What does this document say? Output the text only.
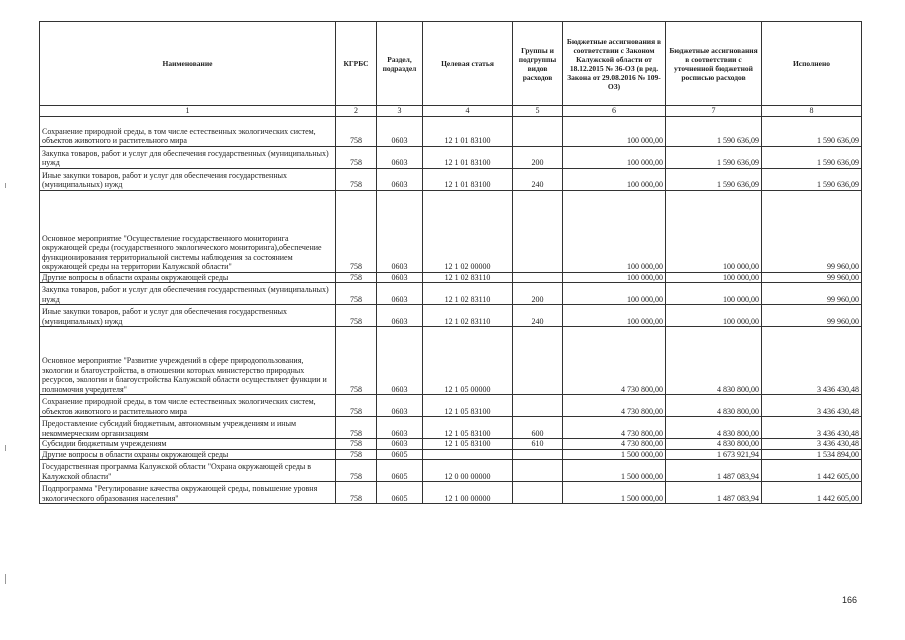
Наименование	КГРБС	Раздел, подраздел	Целевая статья	Группы и подгруппы видов расходов	Бюджетные ассигнования в соответствии с Законом Калужской области от 18.12.2015 № 36-ОЗ (в ред. Закона от 29.08.2016 № 109-ОЗ)	Бюджетные ассигнования в соответствии с уточненной бюджетной росписью расходов	Исполнено
1	2	3	4	5	6	7	8
Сохранение природной среды, в том числе естественных экологических систем, объектов животного и растительного мира	758	0603	12 1 01 83100		100 000,00	1 590 636,09	1 590 636,09
Закупка товаров, работ и услуг для обеспечения государственных (муниципальных) нужд	758	0603	12 1 01 83100	200	100 000,00	1 590 636,09	1 590 636,09
Иные закупки товаров, работ и услуг для обеспечения государственных (муниципальных) нужд	758	0603	12 1 01 83100	240	100 000,00	1 590 636,09	1 590 636,09
Основное мероприятие "Осуществление государственного мониторинга окружающей среды (государственного экологического мониторинга),обеспечение функционирования территориальной системы наблюдения за состоянием окружающей среды на территории Калужской области"	758	0603	12 1 02 00000		100 000,00	100 000,00	99 960,00
Другие вопросы в области охраны окружающей среды	758	0603	12 1 02 83110		100 000,00	100 000,00	99 960,00
Закупка товаров, работ и услуг для обеспечения государственных (муниципальных) нужд	758	0603	12 1 02 83110	200	100 000,00	100 000,00	99 960,00
Иные закупки товаров, работ и услуг для обеспечения государственных (муниципальных) нужд	758	0603	12 1 02 83110	240	100 000,00	100 000,00	99 960,00
Основное мероприятие "Развитие учреждений в сфере природопользования, экологии и благоустройства, в отношении которых министерство природных ресурсов, экологии и благоустройства Калужской области осуществляет функции и полномочия учредителя"	758	0603	12 1 05 00000		4 730 800,00	4 830 800,00	3 436 430,48
Сохранение природной среды, в том числе естественных экологических систем, объектов животного и растительного мира	758	0603	12 1 05 83100		4 730 800,00	4 830 800,00	3 436 430,48
Предоставление субсидий бюджетным, автономным учреждениям и иным некоммерческим организациям	758	0603	12 1 05 83100	600	4 730 800,00	4 830 800,00	3 436 430,48
Субсидии бюджетным учреждениям	758	0603	12 1 05 83100	610	4 730 800,00	4 830 800,00	3 436 430,48
Другие вопросы в области охраны окружающей среды	758	0605			1 500 000,00	1 673 921,94	1 534 894,00
Государственная программа Калужской области "Охрана окружающей среды в Калужской области"	758	0605	12 0 00 00000		1 500 000,00	1 487 083,94	1 442 605,00
Подпрограмма "Регулирование качества окружающей среды, повышение уровня экологического образования населения"	758	0605	12 1 00 00000		1 500 000,00	1 487 083,94	1 442 605,00
166
